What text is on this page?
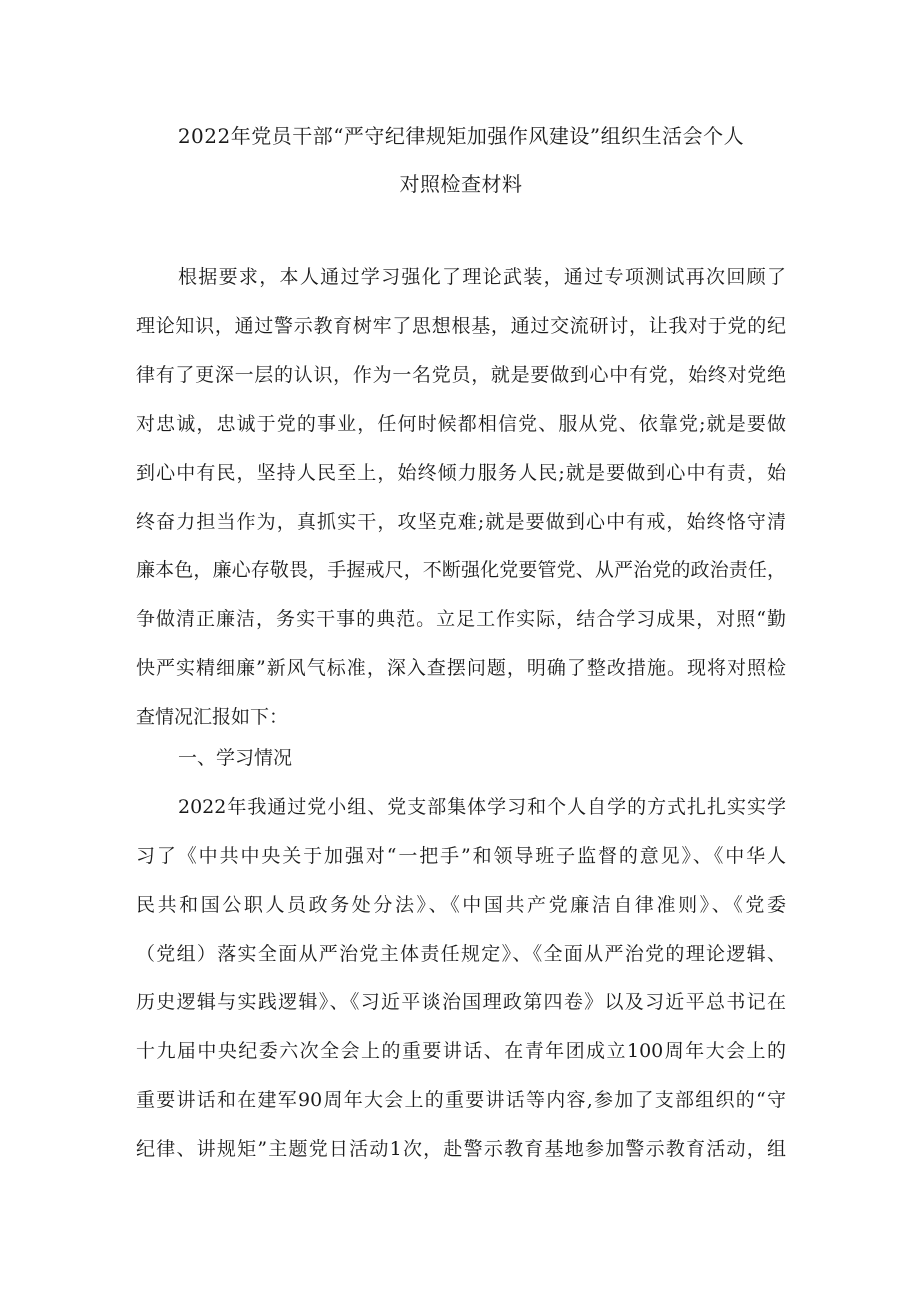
2022年党员干部“严守纪律规矩加强作风建设”组织生活会个人
对照检查材料
根据要求，本人通过学习强化了理论武装，通过专项测试再次回顾了
理论知识，通过警示教育树牢了思想根基，通过交流研讨，让我对于党的纪
律有了更深一层的认识，作为一名党员，就是要做到心中有党，始终对党绝
对忠诚，忠诚于党的事业，任何时候都相信党、服从党、依靠党;就是要做
到心中有民，坚持人民至上，始终倾力服务人民;就是要做到心中有责，始
终奋力担当作为，真抓实干，攻坚克难;就是要做到心中有戒，始终恪守清
廉本色，廉心存敬畏，手握戒尺，不断强化党要管党、从严治党的政治责任，
争做清正廉洁，务实干事的典范。立足工作实际，结合学习成果，对照“勤
快严实精细廉”新风气标准，深入查摆问题，明确了整改措施。现将对照检
查情况汇报如下：
一、学习情况
2022年我通过党小组、党支部集体学习和个人自学的方式扎扎实实学
习了《中共中央关于加强对“一把手”和领导班子监督的意见》、《中华人
民共和国公职人员政务处分法》、《中国共产党廉洁自律准则》、《党委
（党组）落实全面从严治党主体责任规定》、《全面从严治党的理论逻辑、
历史逻辑与实践逻辑》、《习近平谈治国理政第四卷》以及习近平总书记在
十九届中央纪委六次全会上的重要讲话、在青年团成立100周年大会上的
重要讲话和在建军90周年大会上的重要讲话等内容,参加了支部组织的“守
纪律、讲规矩”主题党日活动1次，赴警示教育基地参加警示教育活动，组
